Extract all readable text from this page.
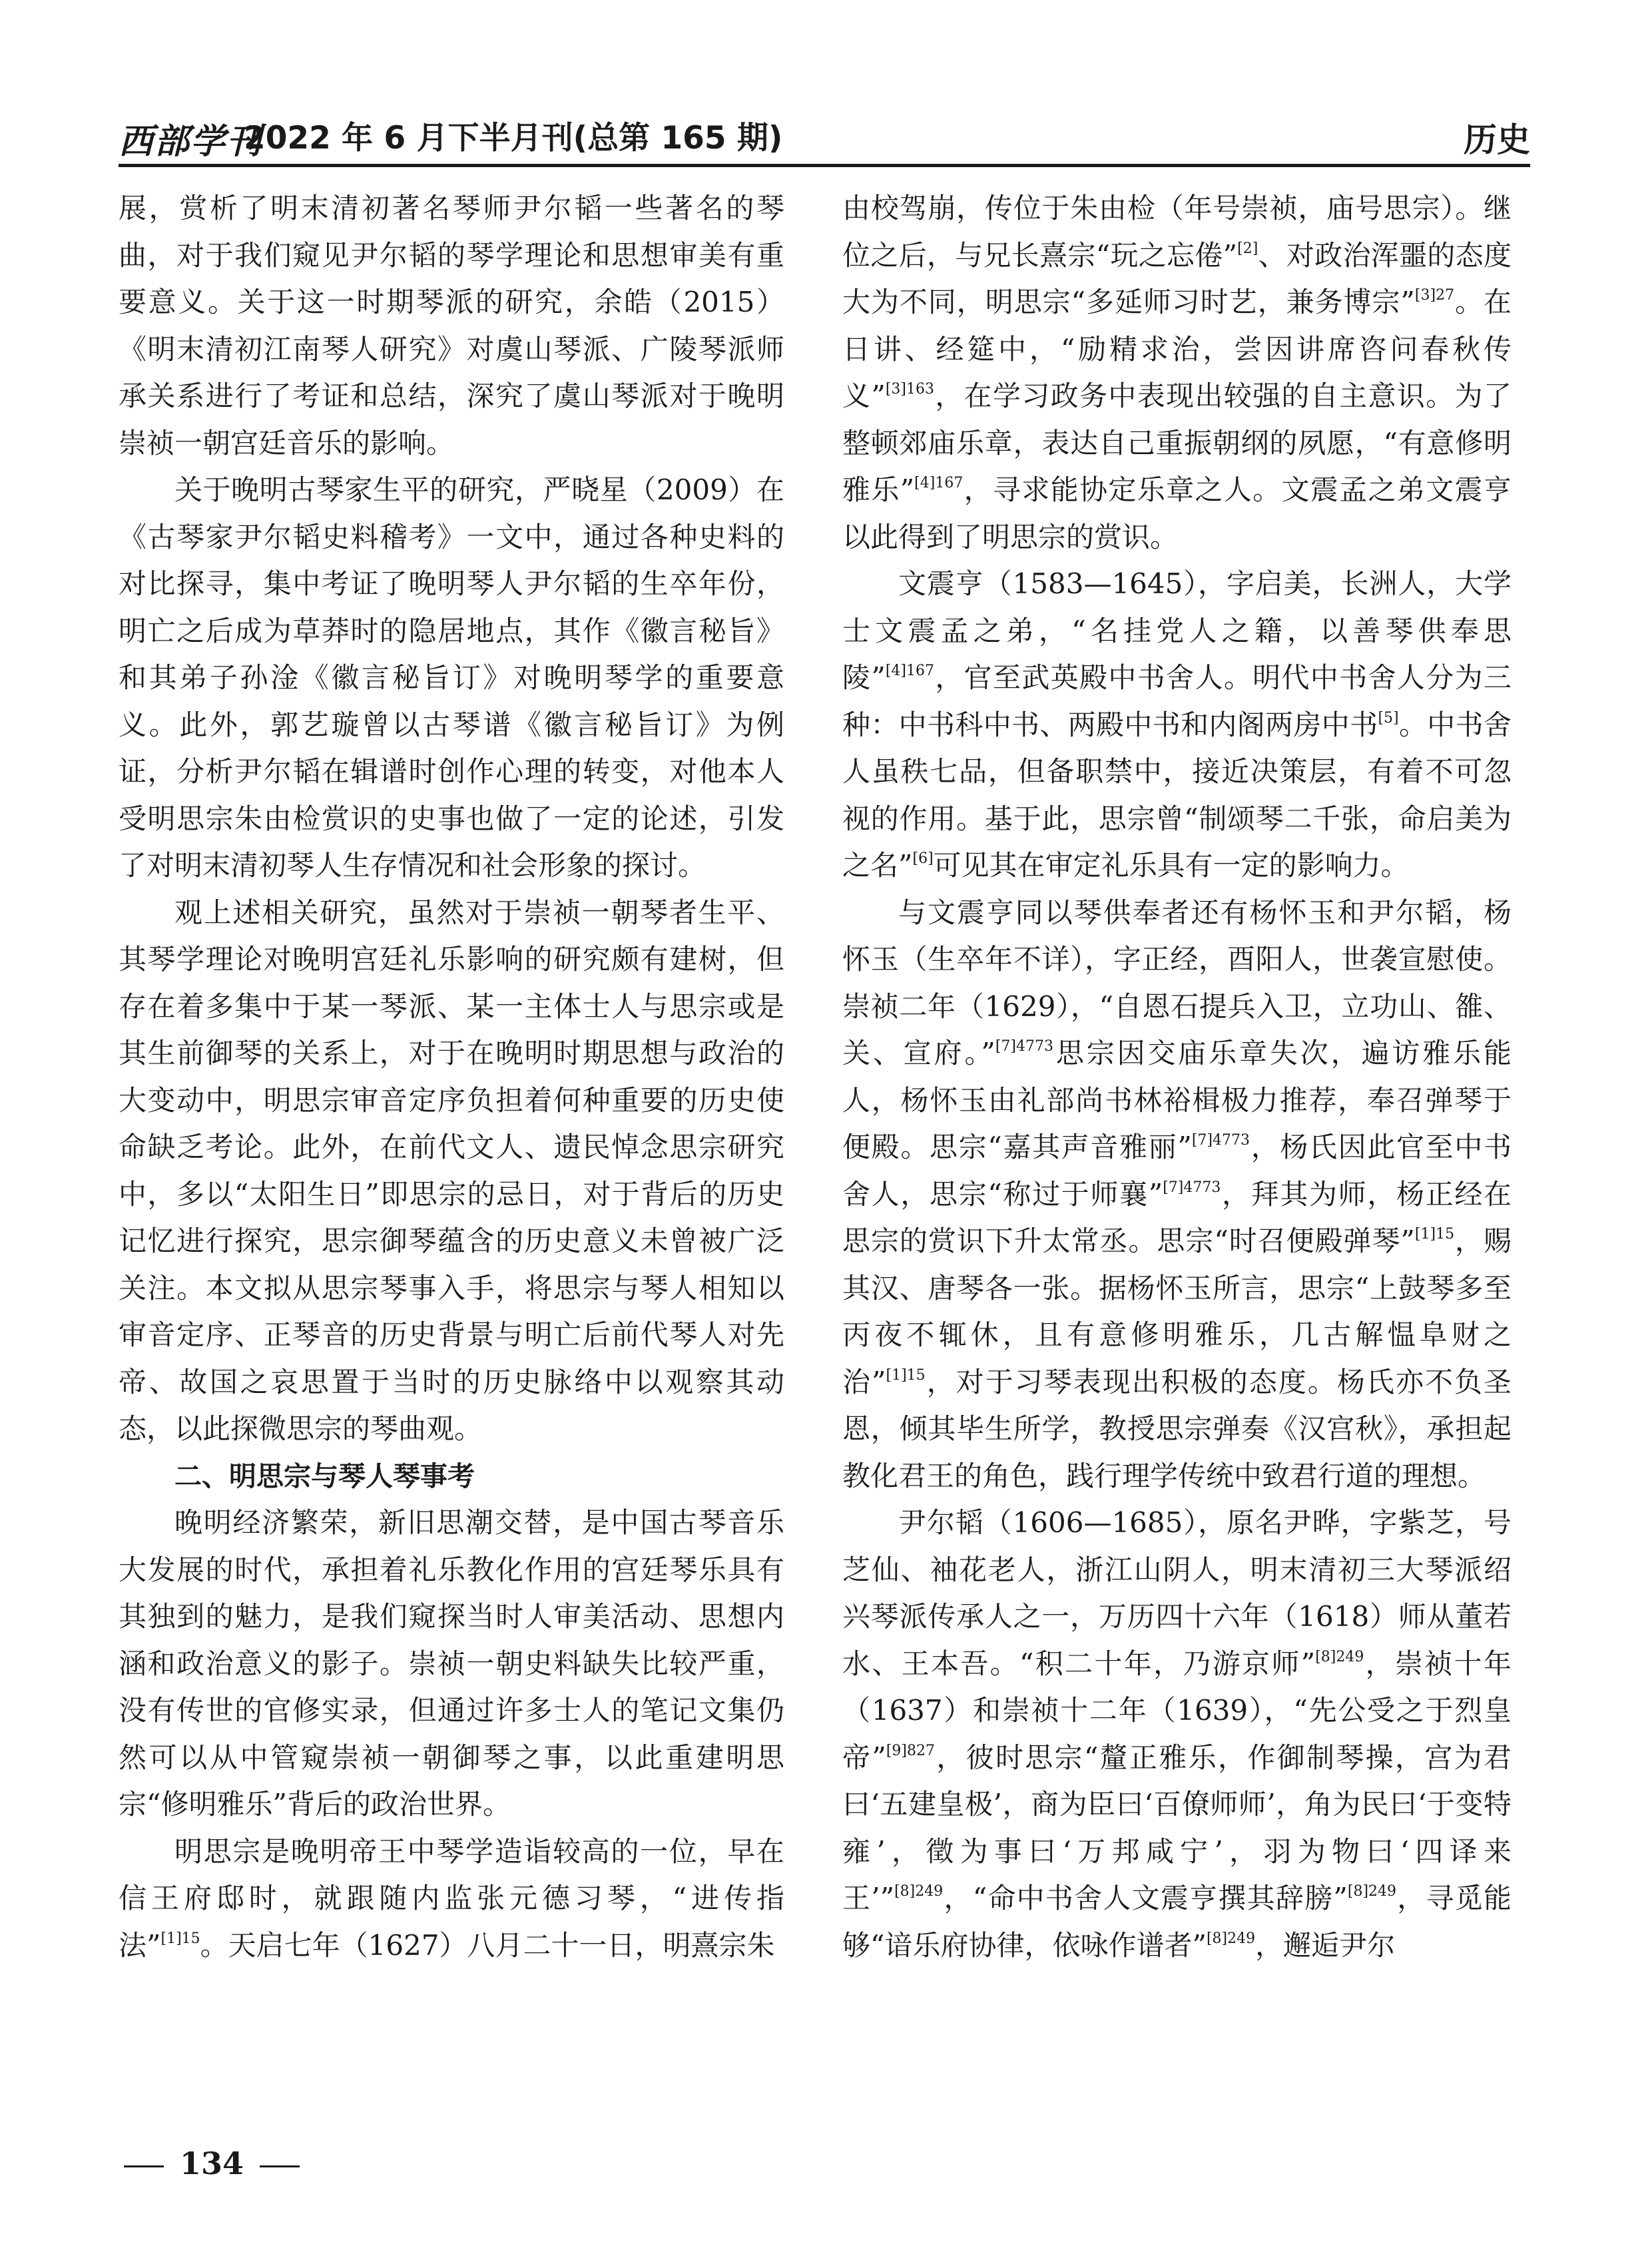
西部学刊
2022 年 6 月下半月刊(总第 165 期)	历史

展，赏析了明末清初著名琴师尹尔韬一些著名的琴曲，对于我们窥见尹尔韬的琴学理论和思想审美有重要意义。关于这一时期琴派的研究，余皓（2015）《明末清初江南琴人研究》对虞山琴派、广陵琴派师承关系进行了考证和总结，深究了虞山琴派对于晚明崇祯一朝宫廷音乐的影响。

关于晚明古琴家生平的研究，严晓星（2009）在《古琴家尹尔韬史料稽考》一文中，通过各种史料的对比探寻，集中考证了晚明琴人尹尔韬的生卒年份，明亡之后成为草莽时的隐居地点，其作《徽言秘旨》和其弟子孙淦《徽言秘旨订》对晚明琴学的重要意义。此外，郭艺璇曾以古琴谱《徽言秘旨订》为例证，分析尹尔韬在辑谱时创作心理的转变，对他本人受明思宗朱由检赏识的史事也做了一定的论述，引发了对明末清初琴人生存情况和社会形象的探讨。

观上述相关研究，虽然对于崇祯一朝琴者生平、其琴学理论对晚明宫廷礼乐影响的研究颇有建树，但存在着多集中于某一琴派、某一主体士人与思宗或是其生前御琴的关系上，对于在晚明时期思想与政治的大变动中，明思宗审音定序负担着何种重要的历史使命缺乏考论。此外，在前代文人、遗民悼念思宗研究中，多以“太阳生日”即思宗的忌日，对于背后的历史记忆进行探究，思宗御琴蕴含的历史意义未曾被广泛关注。本文拟从思宗琴事入手，将思宗与琴人相知以审音定序、正琴音的历史背景与明亡后前代琴人对先帝、故国之哀思置于当时的历史脉络中以观察其动态，以此探微思宗的琴曲观。

二、明思宗与琴人琴事考

晚明经济繁荣，新旧思潮交替，是中国古琴音乐大发展的时代，承担着礼乐教化作用的宫廷琴乐具有其独到的魅力，是我们窥探当时人审美活动、思想内涵和政治意义的影子。崇祯一朝史料缺失比较严重，没有传世的官修实录，但通过许多士人的笔记文集仍然可以从中管窥崇祯一朝御琴之事，以此重建明思宗“修明雅乐”背后的政治世界。

明思宗是晚明帝王中琴学造诣较高的一位，早在信王府邸时，就跟随内监张元德习琴，“进传指法”$^{[1]15}$。天启七年（1627）八月二十一日，明熹宗朱

由校驾崩，传位于朱由检（年号崇祯，庙号思宗）。继位之后，与兄长熹宗“玩之忘倦”[2]、对政治浑噩的态度大为不同，明思宗“多延师习时艺，兼务博宗”$^{[3]27}$。在日讲、经筵中，“励精求治，尝因讲席咨问春秋传义”$^{[3]163}$，在学习政务中表现出较强的自主意识。为了整顿郊庙乐章，表达自己重振朝纲的夙愿，“有意修明雅乐”$^{[4]167}$，寻求能协定乐章之人。文震孟之弟文震亨以此得到了明思宗的赏识。

文震亨（1583—1645），字启美，长洲人，大学士文震孟之弟，“名挂党人之籍，以善琴供奉思陵”$^{[4]167}$，官至武英殿中书舍人。明代中书舍人分为三种：中书科中书、两殿中书和内阁两房中书[5]。中书舍人虽秩七品，但备职禁中，接近决策层，有着不可忽视的作用。基于此，思宗曾“制颂琴二千张，命启美为之名”[6]可见其在审定礼乐具有一定的影响力。

与文震亨同以琴供奉者还有杨怀玉和尹尔韬，杨怀玉（生卒年不详），字正经，酉阳人，世袭宣慰使。崇祯二年（1629），“自恩石提兵入卫，立功山、雒、关、宣府。”$^{[7]4773}$思宗因交庙乐章失次，遍访雅乐能人，杨怀玉由礼部尚书林裕楫极力推荐，奉召弹琴于便殿。思宗“嘉其声音雅丽”$^{[7]4773}$，杨氏因此官至中书舍人，思宗“称过于师襄”$^{[7]4773}$，拜其为师，杨正经在思宗的赏识下升太常丞。思宗“时召便殿弹琴”$^{[1]15}$，赐其汉、唐琴各一张。据杨怀玉所言，思宗“上鼓琴多至丙夜不辄休，且有意修明雅乐，几古解愠阜财之治”$^{[1]15}$，对于习琴表现出积极的态度。杨氏亦不负圣恩，倾其毕生所学，教授思宗弹奏《汉宫秋》，承担起教化君王的角色，践行理学传统中致君行道的理想。

尹尔韬（1606—1685），原名尹晔，字紫芝，号芝仙、袖花老人，浙江山阴人，明末清初三大琴派绍兴琴派传承人之一，万历四十六年（1618）师从董若水、王本吾。“积二十年，乃游京师”$^{[8]249}$，崇祯十年（1637）和崇祯十二年（1639），“先公受之于烈皇帝”$^{[9]827}$，彼时思宗“釐正雅乐，作御制琴操，宫为君曰‘五建皇极’，商为臣曰‘百僚师师’，角为民曰‘于变特雍’，徵为事曰‘万邦咸宁’，羽为物曰‘四译来王’”$^{[8]249}$，“命中书舍人文震亨撰其辞膀”$^{[8]249}$，寻觅能够“谙乐府协律，依咏作谱者”$^{[8]249}$，邂逅尹尔

134
